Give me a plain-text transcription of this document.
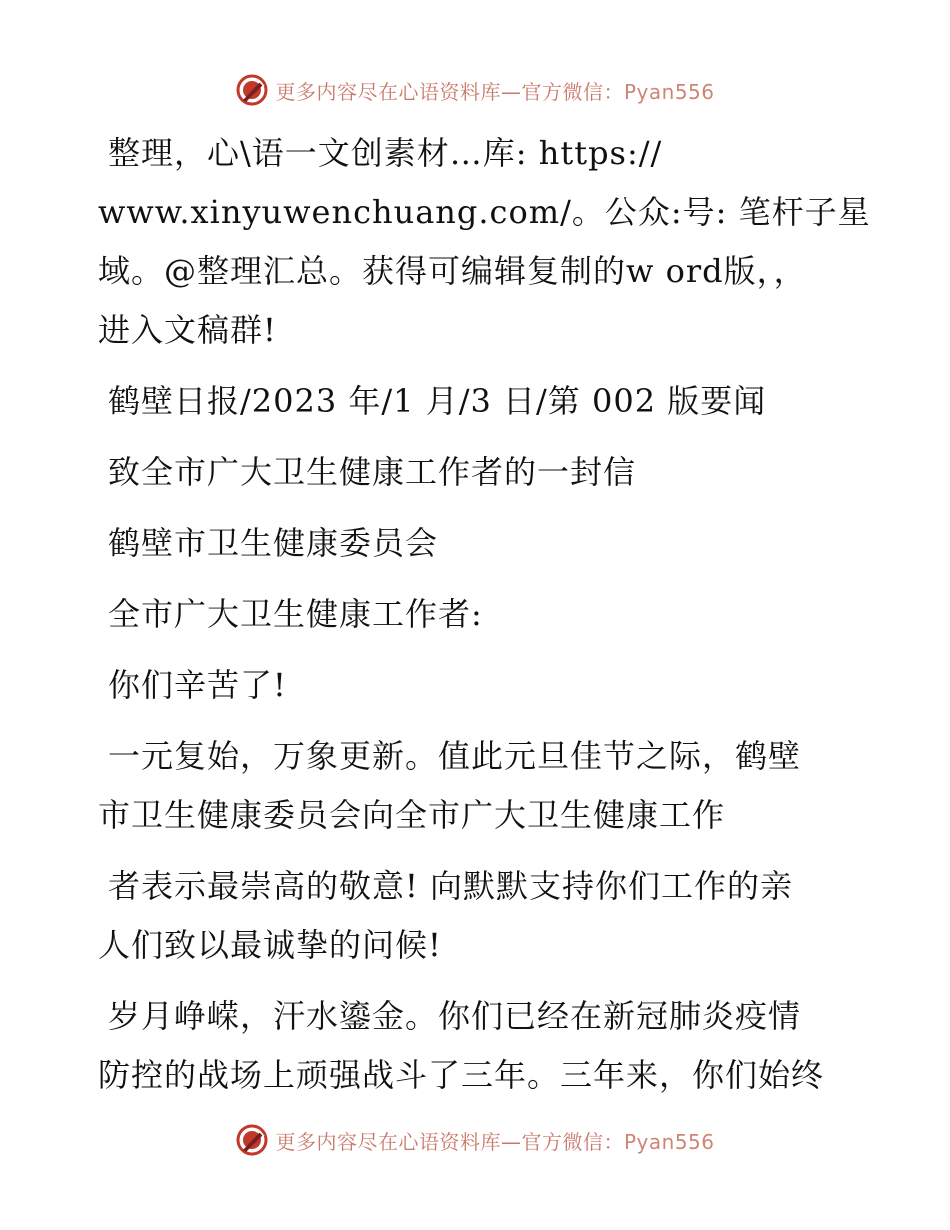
更多内容尽在心语资料库—官方微信：Pyan556

整理，心\语一文创素材…库: https://

www.xinyuwenchuang.com/。公众:号: 笔杆子星

域。@整理汇总。获得可编辑复制的w ord版，，

进入文稿群!

鹤壁日报/2023 年/1 月/3 日/第 002 版要闻

致全市广大卫生健康工作者的一封信

鹤壁市卫生健康委员会

全市广大卫生健康工作者:

你们辛苦了!

一元复始，万象更新。值此元旦佳节之际，鹤壁

市卫生健康委员会向全市广大卫生健康工作

者表示最崇高的敬意! 向默默支持你们工作的亲

人们致以最诚挚的问候!

岁月峥嵘，汗水鎏金。你们已经在新冠肺炎疫情

防控的战场上顽强战斗了三年。三年来，你们始终

更多内容尽在心语资料库—官方微信：Pyan556
